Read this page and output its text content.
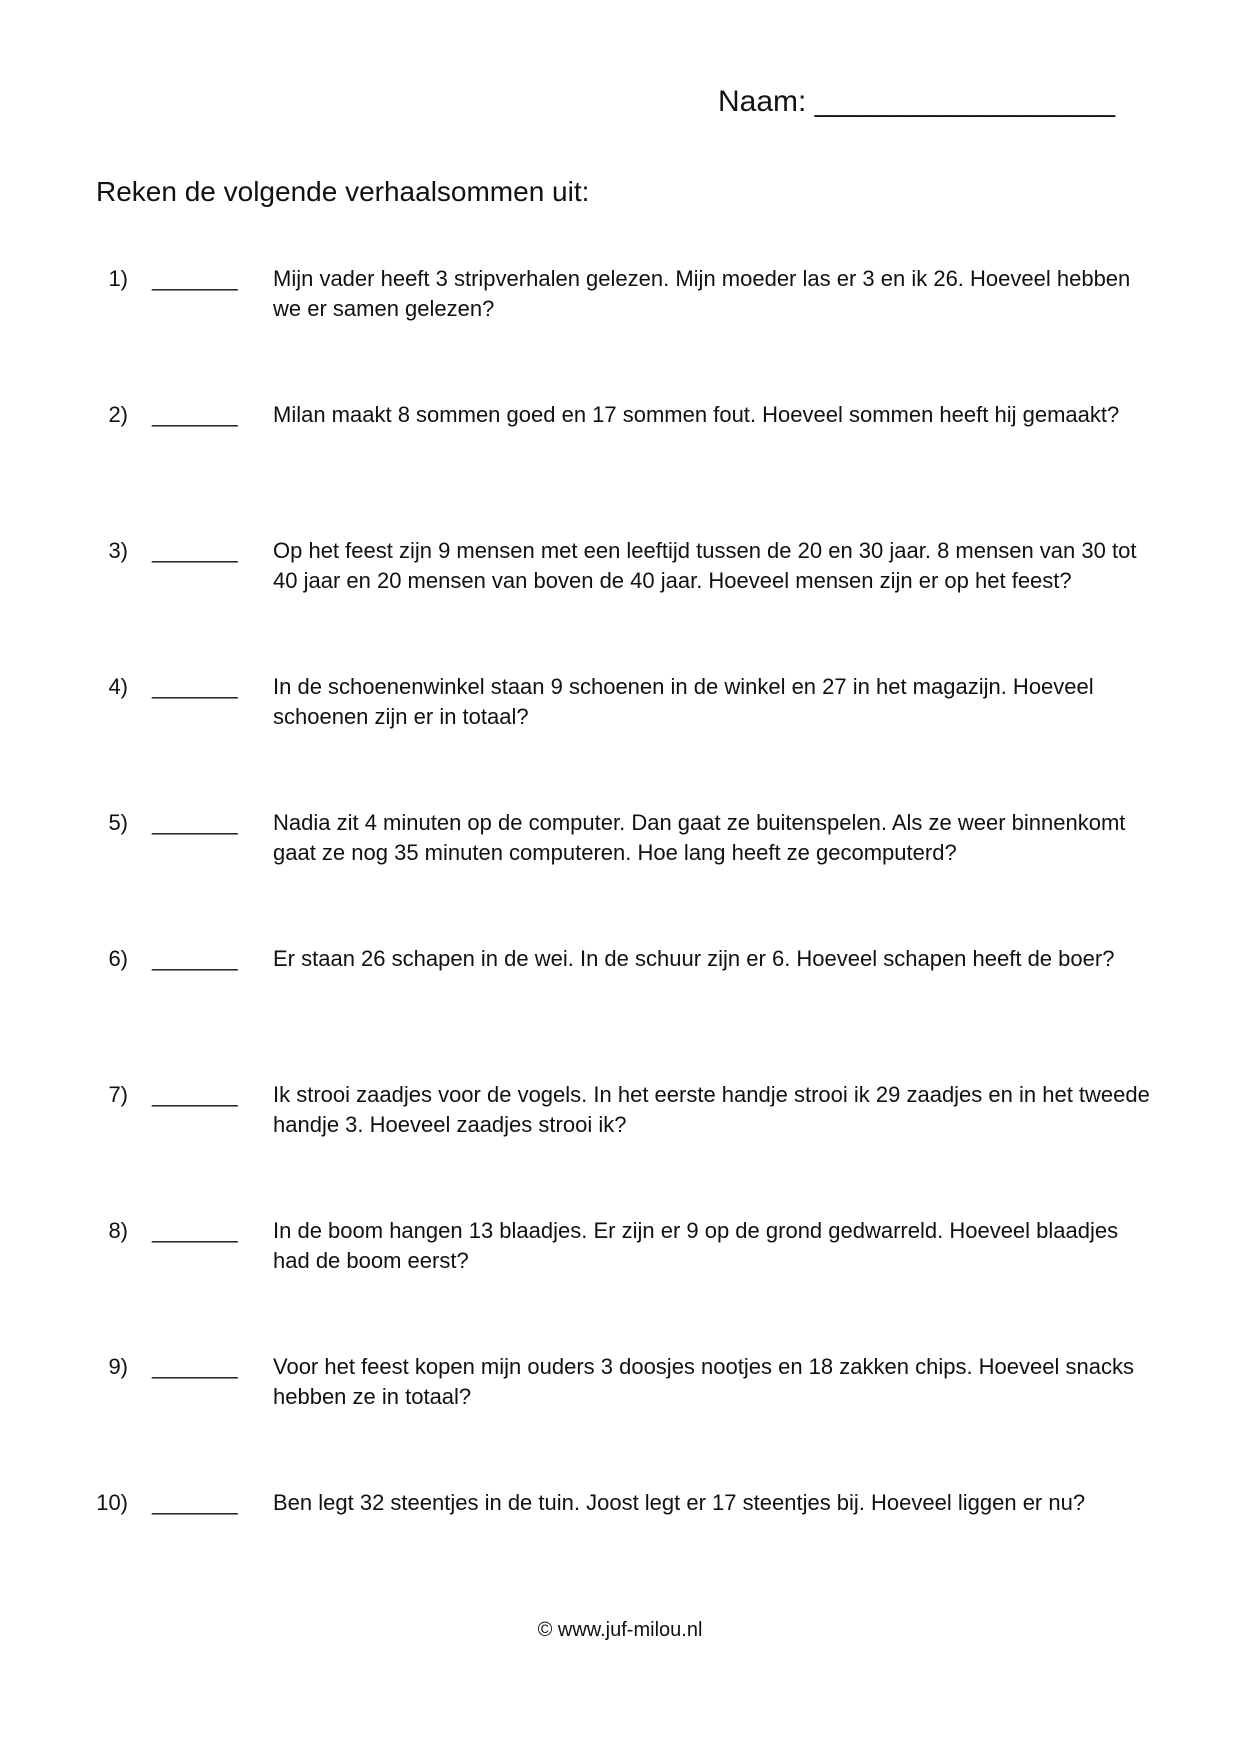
Naam: __________________
Reken de volgende verhaalsommen uit:
1) _______ Mijn vader heeft 3 stripverhalen gelezen. Mijn moeder las er 3 en ik 26. Hoeveel hebben we er samen gelezen?
2) _______ Milan maakt 8 sommen goed en 17 sommen fout. Hoeveel sommen heeft hij gemaakt?
3) _______ Op het feest zijn 9 mensen met een leeftijd tussen de 20 en 30 jaar. 8 mensen van 30 tot 40 jaar en 20 mensen van boven de 40 jaar. Hoeveel mensen zijn er op het feest?
4) _______ In de schoenenwinkel staan 9 schoenen in de winkel en 27 in het magazijn. Hoeveel schoenen zijn er in totaal?
5) _______ Nadia zit 4 minuten op de computer. Dan gaat ze buitenspelen. Als ze weer binnenkomt gaat ze nog 35 minuten computeren. Hoe lang heeft ze gecomputerd?
6) _______ Er staan 26 schapen in de wei. In de schuur zijn er 6. Hoeveel schapen heeft de boer?
7) _______ Ik strooi zaadjes voor de vogels. In het eerste handje strooi ik 29 zaadjes en in het tweede handje 3. Hoeveel zaadjes strooi ik?
8) _______ In de boom hangen 13 blaadjes. Er zijn er 9 op de grond gedwarreld. Hoeveel blaadjes had de boom eerst?
9) _______ Voor het feest kopen mijn ouders 3 doosjes nootjes en 18 zakken chips. Hoeveel snacks hebben ze in totaal?
10) _______ Ben legt 32 steentjes in de tuin. Joost legt er 17 steentjes bij. Hoeveel liggen er nu?
© www.juf-milou.nl
